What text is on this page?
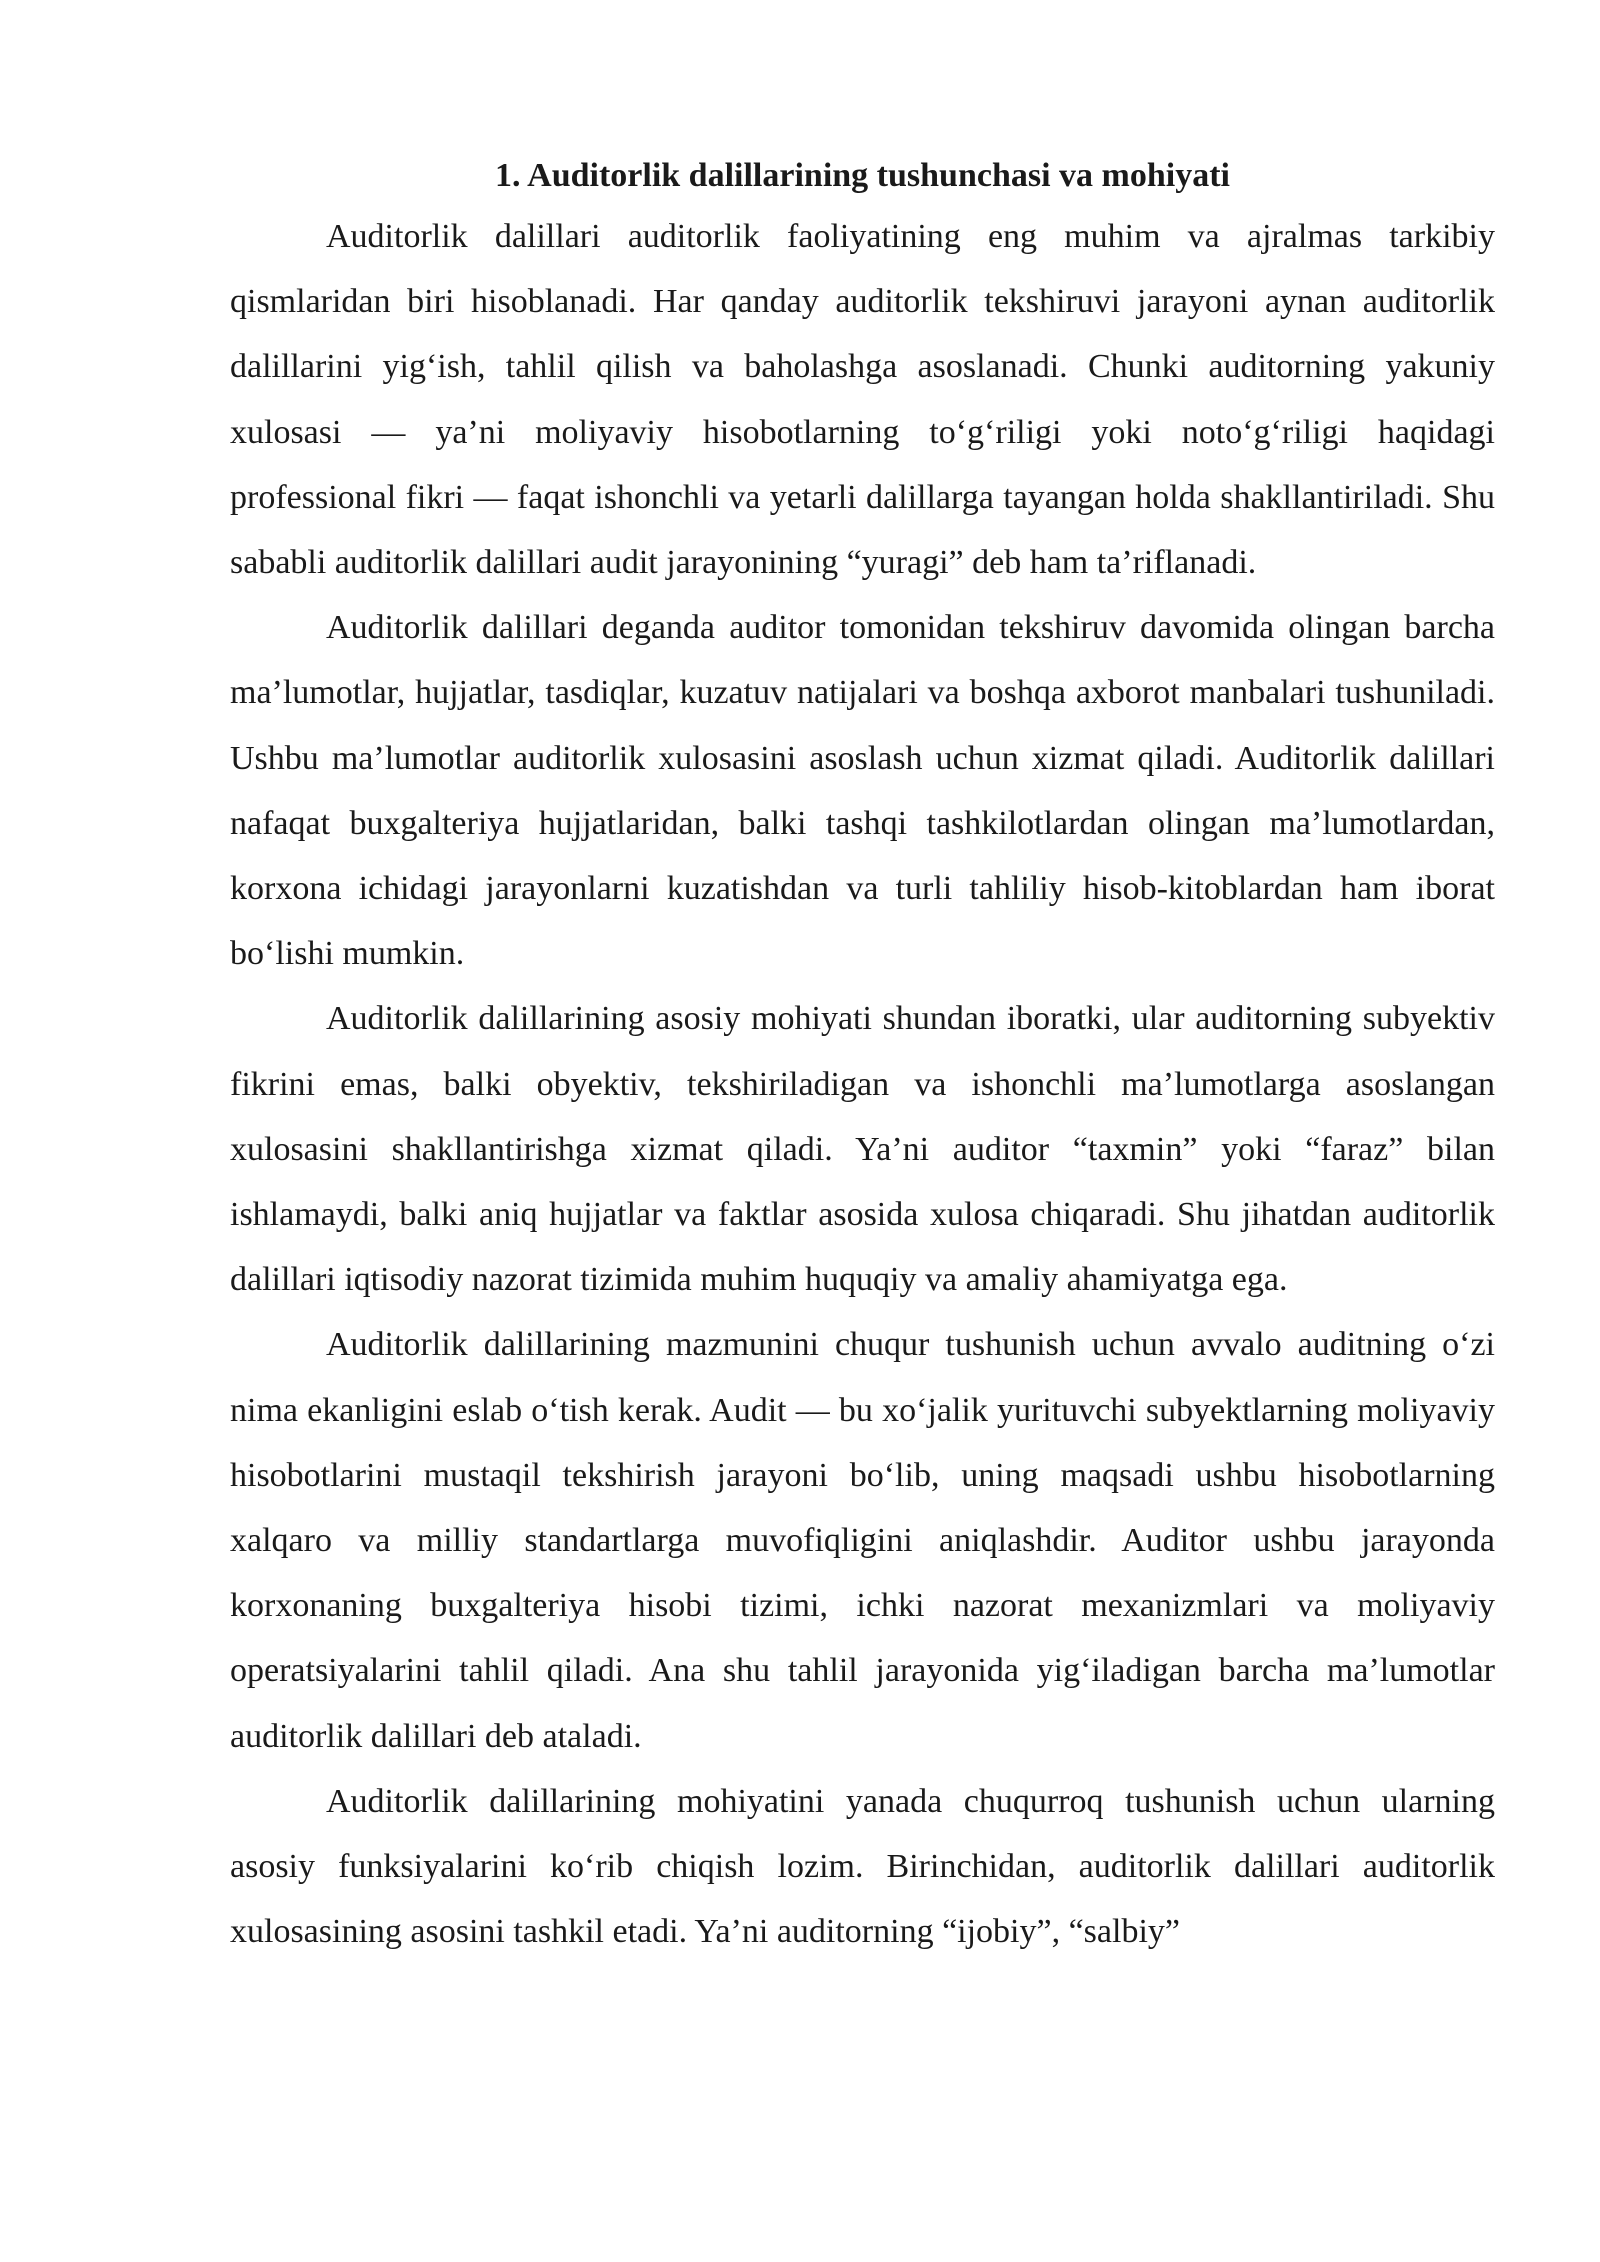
1. Auditorlik dalillarining tushunchasi va mohiyati

Auditorlik dalillari auditorlik faoliyatining eng muhim va ajralmas tarkibiy qismlaridan biri hisoblanadi. Har qanday auditorlik tekshiruvi jarayoni aynan auditorlik dalillarini yig‘ish, tahlil qilish va baholashga asoslanadi. Chunki auditorning yakuniy xulosasi — ya’ni moliyaviy hisobotlarning to‘g‘riligi yoki noto‘g‘riligi haqidagi professional fikri — faqat ishonchli va yetarli dalillarga tayangan holda shakllantiriladi. Shu sababli auditorlik dalillari audit jarayonining “yuragi” deb ham ta’riflanadi.

Auditorlik dalillari deganda auditor tomonidan tekshiruv davomida olingan barcha ma’lumotlar, hujjatlar, tasdiqlar, kuzatuv natijalari va boshqa axborot manbalari tushuniladi. Ushbu ma’lumotlar auditorlik xulosasini asoslash uchun xizmat qiladi. Auditorlik dalillari nafaqat buxgalteriya hujjatlaridan, balki tashqi tashkilotlardan olingan ma’lumotlardan, korxona ichidagi jarayonlarni kuzatishdan va turli tahliliy hisob-kitoblardan ham iborat bo‘lishi mumkin.

Auditorlik dalillarining asosiy mohiyati shundan iboratki, ular auditorning subyektiv fikrini emas, balki obyektiv, tekshiriladigan va ishonchli ma’lumotlarga asoslangan xulosasini shakllantirishga xizmat qiladi. Ya’ni auditor “taxmin” yoki “faraz” bilan ishlamaydi, balki aniq hujjatlar va faktlar asosida xulosa chiqaradi. Shu jihatdan auditorlik dalillari iqtisodiy nazorat tizimida muhim huquqiy va amaliy ahamiyatga ega.

Auditorlik dalillarining mazmunini chuqur tushunish uchun avvalo auditning o‘zi nima ekanligini eslab o‘tish kerak. Audit — bu xo‘jalik yurituvchi subyektlarning moliyaviy hisobotlarini mustaqil tekshirish jarayoni bo‘lib, uning maqsadi ushbu hisobotlarning xalqaro va milliy standartlarga muvofiqligini aniqlashdir. Auditor ushbu jarayonda korxonaning buxgalteriya hisobi tizimi, ichki nazorat mexanizmlari va moliyaviy operatsiyalarini tahlil qiladi. Ana shu tahlil jarayonida yig‘iladigan barcha ma’lumotlar auditorlik dalillari deb ataladi.

Auditorlik dalillarining mohiyatini yanada chuqurroq tushunish uchun ularning asosiy funksiyalarini ko‘rib chiqish lozim. Birinchidan, auditorlik dalillari auditorlik xulosasining asosini tashkil etadi. Ya’ni auditorning “ijobiy”, “salbiy”
